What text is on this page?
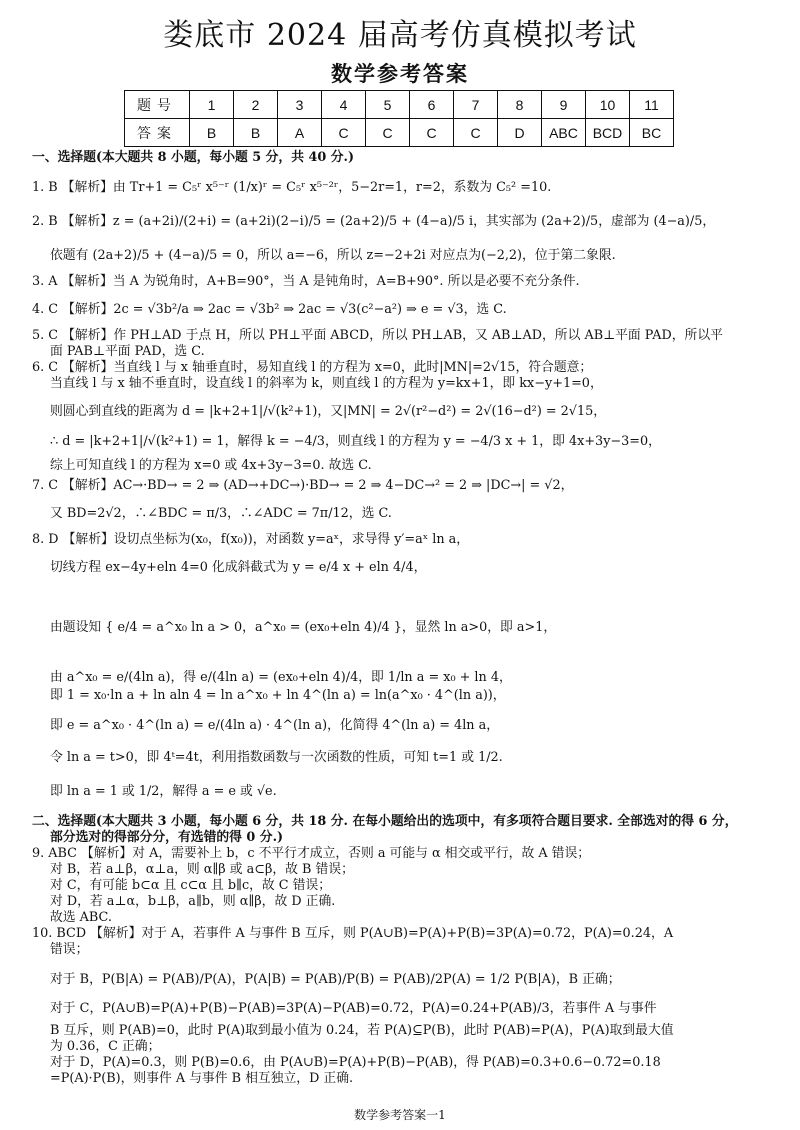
娄底市 2024 届高考仿真模拟考试
数学参考答案
题号	1	2	3	4	5	6	7	8	9	10	11
答案	B	B	A	C	C	C	C	D	ABC	BCD	BC

一、选择题(本大题共 8 小题，每小题 5 分，共 40 分.)

1. B 【解析】由 Tr+1 = C₅ʳ x⁵⁻ʳ (1/x)ʳ = C₅ʳ x⁵⁻²ʳ，5−2r=1，r=2，系数为 C₅² =10.

2. B 【解析】z = (a+2i)/(2+i) = (a+2i)(2−i)/5 = (2a+2)/5 + (4−a)/5 i，其实部为 (2a+2)/5，虚部为 (4−a)/5，

依题有 (2a+2)/5 + (4−a)/5 = 0，所以 a=−6，所以 z=−2+2i 对应点为(−2,2)，位于第二象限.

3. A 【解析】当 A 为锐角时，A+B=90°，当 A 是钝角时，A=B+90°. 所以是必要不充分条件.

4. C 【解析】2c = √3b²/a ⇒ 2ac = √3b² ⇒ 2ac = √3(c²−a²) ⇒ e = √3，选 C.

5. C 【解析】作 PH⊥AD 于点 H，所以 PH⊥平面 ABCD，所以 PH⊥AB，又 AB⊥AD，所以 AB⊥平面 PAD，所以平

面 PAB⊥平面 PAD，选 C.

6. C 【解析】当直线 l 与 x 轴垂直时，易知直线 l 的方程为 x=0，此时|MN|=2√15，符合题意；

当直线 l 与 x 轴不垂直时，设直线 l 的斜率为 k，则直线 l 的方程为 y=kx+1，即 kx−y+1=0，

则圆心到直线的距离为 d = |k+2+1|/√(k²+1)，又|MN| = 2√(r²−d²) = 2√(16−d²) = 2√15，

∴ d = |k+2+1|/√(k²+1) = 1，解得 k = −4/3，则直线 l 的方程为 y = −4/3 x + 1，即 4x+3y−3=0，

综上可知直线 l 的方程为 x=0 或 4x+3y−3=0. 故选 C.

7. C 【解析】AC→·BD→ = 2 ⇒ (AD→+DC→)·BD→ = 2 ⇒ 4−DC→² = 2 ⇒ |DC→| = √2，

又 BD=2√2，∴∠BDC = π/3，∴∠ADC = 7π/12，选 C.

8. D 【解析】设切点坐标为(x₀，f(x₀))，对函数 y=aˣ，求导得 y′=aˣ ln a，

切线方程 ex−4y+eln 4=0 化成斜截式为 y = e/4 x + eln 4/4，

由题设知 { e/4 = a^x₀ ln a > 0，a^x₀ = (ex₀+eln 4)/4 }，显然 ln a>0，即 a>1，

由 a^x₀ = e/(4ln a)，得 e/(4ln a) = (ex₀+eln 4)/4，即 1/ln a = x₀ + ln 4，

即 1 = x₀·ln a + ln aln 4 = ln a^x₀ + ln 4^(ln a) = ln(a^x₀ · 4^(ln a))，

即 e = a^x₀ · 4^(ln a) = e/(4ln a) · 4^(ln a)，化简得 4^(ln a) = 4ln a，

令 ln a = t>0，即 4ᵗ=4t，利用指数函数与一次函数的性质，可知 t=1 或 1/2.

即 ln a = 1 或 1/2，解得 a = e 或 √e.

二、选择题(本大题共 3 小题，每小题 6 分，共 18 分. 在每小题给出的选项中，有多项符合题目要求. 全部选对的得 6 分，

部分选对的得部分分，有选错的得 0 分.)

9. ABC 【解析】对 A，需要补上 b，c 不平行才成立，否则 a 可能与 α 相交或平行，故 A 错误；

对 B，若 a⊥β，α⊥a，则 α∥β 或 a⊂β，故 B 错误；

对 C，有可能 b⊂α 且 c⊂α 且 b∥c，故 C 错误；

对 D，若 a⊥α，b⊥β，a∥b，则 α∥β，故 D 正确.

故选 ABC.

10. BCD 【解析】对于 A，若事件 A 与事件 B 互斥，则 P(A∪B)=P(A)+P(B)=3P(A)=0.72，P(A)=0.24，A

错误；

对于 B，P(B|A) = P(AB)/P(A)，P(A|B) = P(AB)/P(B) = P(AB)/2P(A) = 1/2 P(B|A)，B 正确；

对于 C，P(A∪B)=P(A)+P(B)−P(AB)=3P(A)−P(AB)=0.72，P(A)=0.24+P(AB)/3，若事件 A 与事件

B 互斥，则 P(AB)=0，此时 P(A)取到最小值为 0.24，若 P(A)⊆P(B)，此时 P(AB)=P(A)，P(A)取到最大值

为 0.36，C 正确；

对于 D，P(A)=0.3，则 P(B)=0.6，由 P(A∪B)=P(A)+P(B)−P(AB)，得 P(AB)=0.3+0.6−0.72=0.18

=P(A)·P(B)，则事件 A 与事件 B 相互独立，D 正确.

数学参考答案一1
